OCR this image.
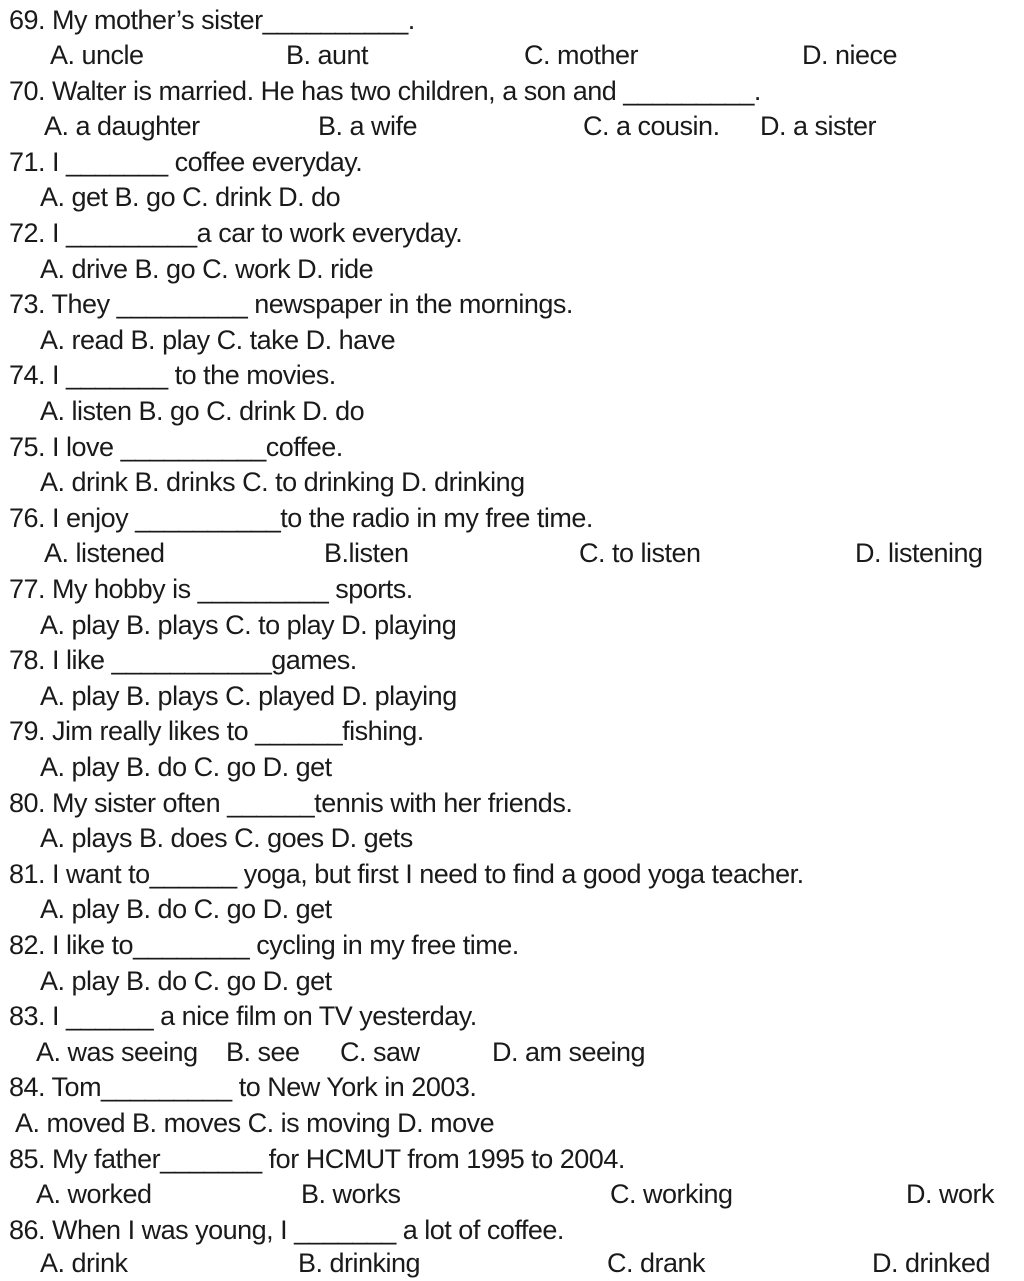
69. My mother’s sister__________.
A. uncle	B. aunt	C. mother	D. niece
70. Walter is married. He has two children, a son and _________.
A. a daughter	B. a wife	C. a cousin. D. a sister
71. I _______ coffee everyday.
A. get B. go C. drink D. do
72. I _________a car to work everyday.
A. drive B. go C. work D. ride
73. They _________ newspaper in the mornings.
A. read B. play C. take D. have
74. I _______ to the movies.
A. listen B. go C. drink D. do
75. I love __________coffee.
A. drink B. drinks C. to drinking D. drinking
76. I enjoy __________to the radio in my free time.
A. listened	B.listen	C. to listen	D. listening
77. My hobby is _________ sports.
A. play B. plays C. to play D. playing
78. I like ___________games.
A. play B. plays C. played D. playing
79. Jim really likes to ______fishing.
A. play B. do C. go D. get
80. My sister often ______tennis with her friends.
A. plays B. does C. goes D. gets
81. I want to______ yoga, but first I need to find a good yoga teacher.
A. play B. do C. go D. get
82. I like to________ cycling in my free time.
A. play B. do C. go D. get
83. I ______ a nice film on TV yesterday.
A. was seeing B. see C. saw	D. am seeing
84. Tom_________ to New York in 2003.
A. moved B. moves C. is moving D. move
85. My father_______ for HCMUT from 1995 to 2004.
A. worked	B. works	C. working	D. work
86. When I was young, I _______ a lot of coffee.
A. drink	B. drinking	C. drank	D. drinked
